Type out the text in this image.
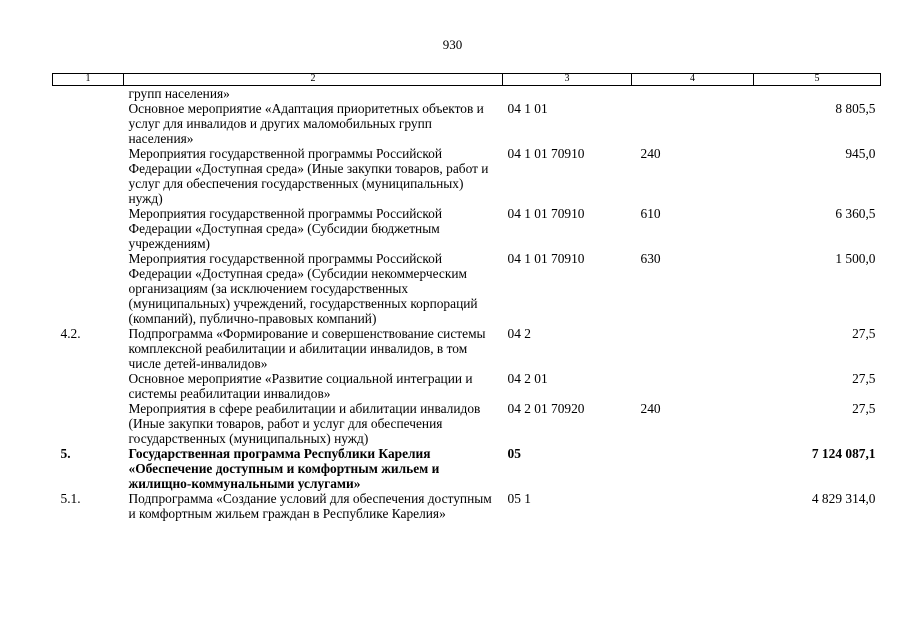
930
1	2	3	4	5
	групп населения»			
	Основное мероприятие «Адаптация приоритетных объектов и услуг для инвалидов и других маломобильных групп населения»	04 1 01		8 805,5
	Мероприятия государственной программы Российской Федерации «Доступная среда» (Иные закупки товаров, работ и услуг для обеспечения государственных (муниципальных) нужд)	04 1 01 70910	240	945,0
	Мероприятия государственной программы Российской Федерации «Доступная среда» (Субсидии бюджетным учреждениям)	04 1 01 70910	610	6 360,5
	Мероприятия государственной программы Российской Федерации «Доступная среда» (Субсидии некоммерческим организациям (за исключением государственных (муниципальных) учреждений, государственных корпораций (компаний), публично-правовых компаний)	04 1 01 70910	630	1 500,0
4.2.	Подпрограмма «Формирование и совершенствование системы комплексной реабилитации и абилитации инвалидов, в том числе детей-инвалидов»	04 2		27,5
	Основное мероприятие «Развитие социальной интеграции и системы реабилитации инвалидов»	04 2 01		27,5
	Мероприятия в сфере реабилитации и абилитации инвалидов (Иные закупки товаров, работ и услуг для обеспечения государственных (муниципальных) нужд)	04 2 01 70920	240	27,5
5.	Государственная программа Республики Карелия «Обеспечение доступным и комфортным жильем и жилищно-коммунальными услугами»	05		7 124 087,1
5.1.	Подпрограмма «Создание условий для обеспечения доступным и комфортным жильем граждан в Республике Карелия»	05 1		4 829 314,0
